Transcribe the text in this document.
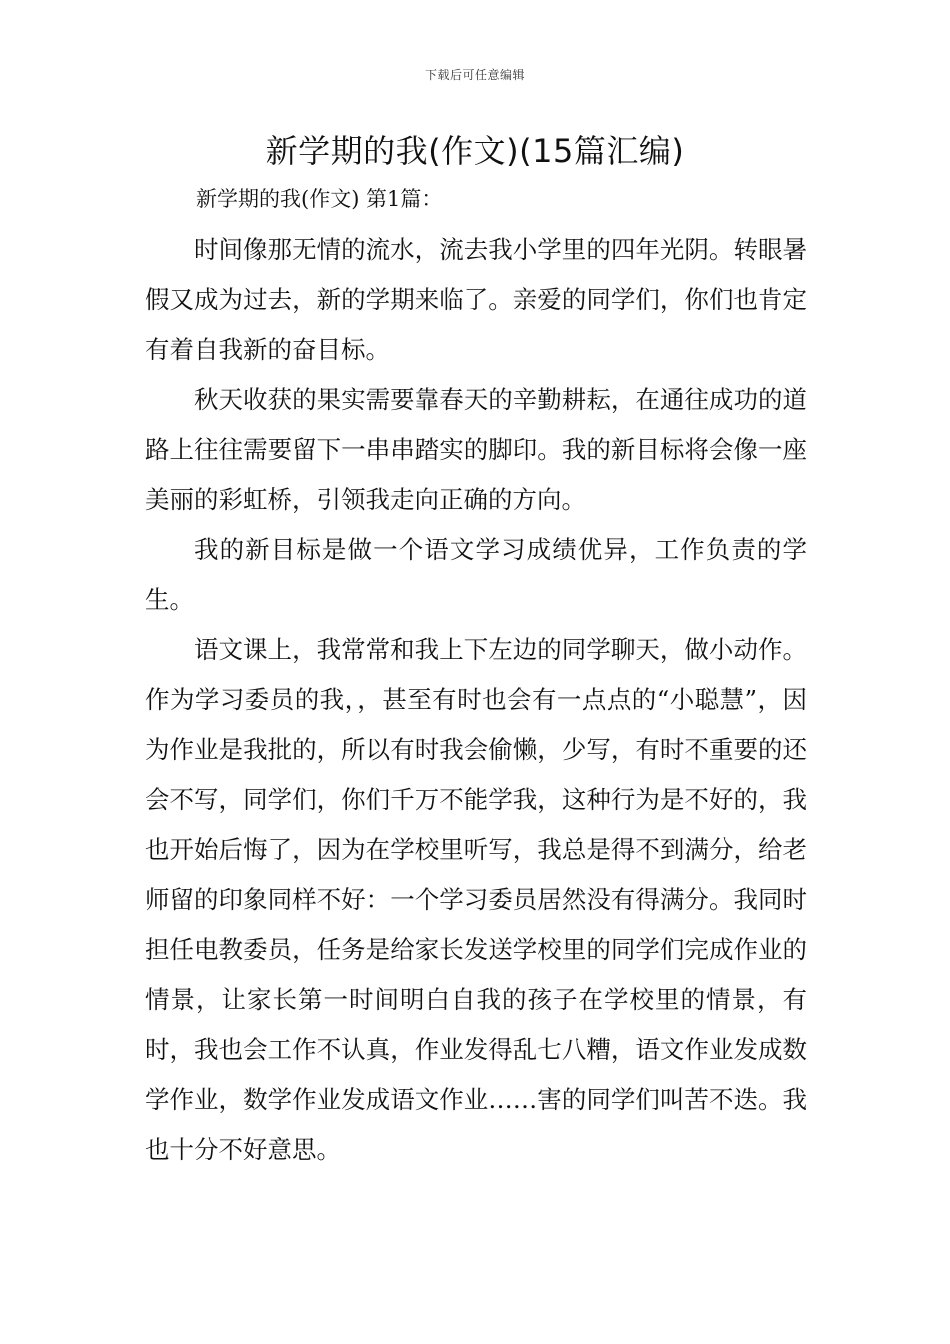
下载后可任意编辑
新学期的我(作文)(15篇汇编)
新学期的我(作文) 第1篇：

时间像那无情的流水，流去我小学里的四年光阴。转眼暑假又成为过去，新的学期来临了。亲爱的同学们，你们也肯定有着自我新的奋目标。

秋天收获的果实需要靠春天的辛勤耕耘，在通往成功的道路上往往需要留下一串串踏实的脚印。我的新目标将会像一座美丽的彩虹桥，引领我走向正确的方向。

我的新目标是做一个语文学习成绩优异，工作负责的学生。

语文课上，我常常和我上下左边的同学聊天，做小动作。作为学习委员的我，，甚至有时也会有一点点的“小聪慧”，因为作业是我批的，所以有时我会偷懒，少写，有时不重要的还会不写，同学们，你们千万不能学我，这种行为是不好的，我也开始后悔了，因为在学校里听写，我总是得不到满分，给老师留的印象同样不好：一个学习委员居然没有得满分。我同时担任电教委员，任务是给家长发送学校里的同学们完成作业的情景，让家长第一时间明白自我的孩子在学校里的情景，有时，我也会工作不认真，作业发得乱七八糟，语文作业发成数学作业，数学作业发成语文作业……害的同学们叫苦不迭。我也十分不好意思。
